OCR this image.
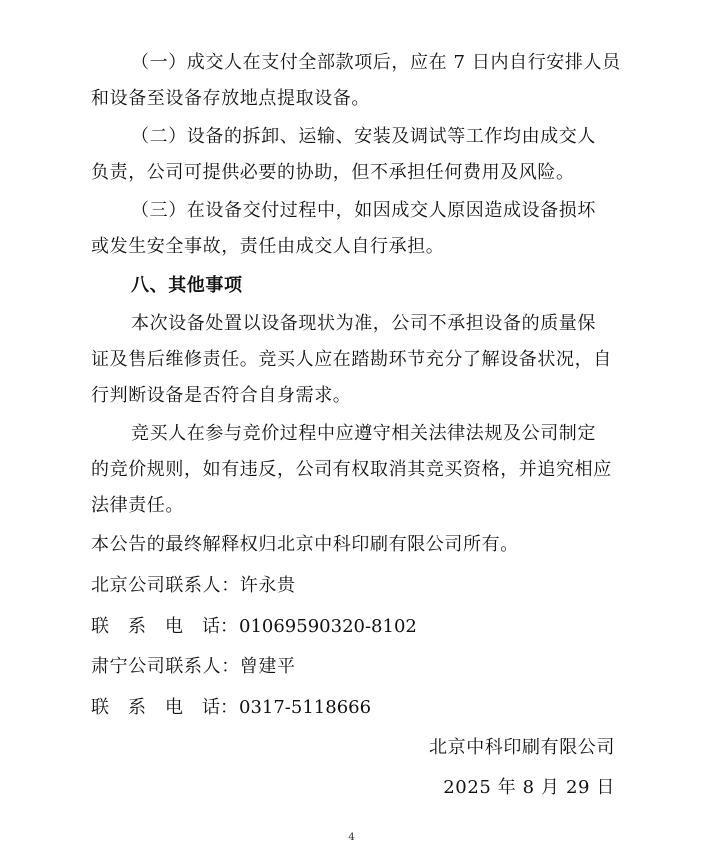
（一）成交人在支付全部款项后，应在 7 日内自行安排人员
和设备至设备存放地点提取设备。
（二）设备的拆卸、运输、安装及调试等工作均由成交人
负责，公司可提供必要的协助，但不承担任何费用及风险。
（三）在设备交付过程中，如因成交人原因造成设备损坏
或发生安全事故，责任由成交人自行承担。
八、其他事项
本次设备处置以设备现状为准，公司不承担设备的质量保
证及售后维修责任。竞买人应在踏勘环节充分了解设备状况，自
行判断设备是否符合自身需求。
竞买人在参与竞价过程中应遵守相关法律法规及公司制定
的竞价规则，如有违反，公司有权取消其竞买资格，并追究相应
法律责任。
本公告的最终解释权归北京中科印刷有限公司所有。
北京公司联系人：许永贵
联 系 电 话：01069590320-8102
肃宁公司联系人：曾建平
联 系 电 话：0317-5118666
北京中科印刷有限公司
2025 年 8 月 29 日
4
